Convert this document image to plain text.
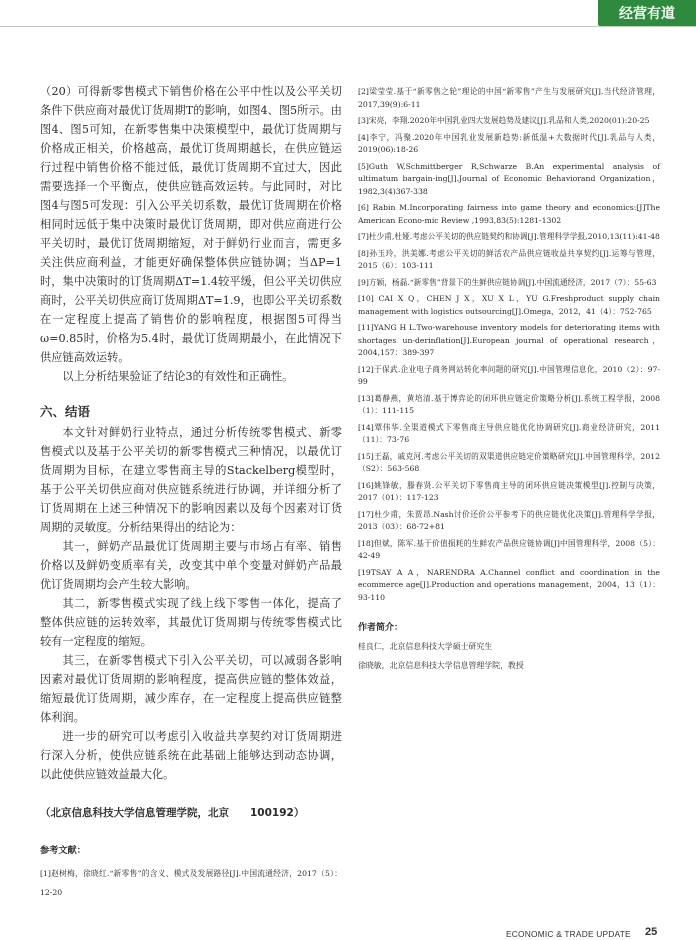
经营有道

（20）可得新零售模式下销售价格在公平中性以及公平关切条件下供应商对最优订货周期T的影响，如图4、图5所示。由图4、图5可知，在新零售集中决策模型中，最优订货周期与价格成正相关，价格越高，最优订货周期越长，在供应链运行过程中销售价格不能过低，最优订货周期不宜过大，因此需要选择一个平衡点，使供应链高效运转。与此同时，对比图4与图5可发现：引入公平关切系数，最优订货周期在价格相同时远低于集中决策时最优订货周期，即对供应商进行公平关切时，最优订货周期缩短，对于鲜奶行业而言，需更多关注供应商利益，才能更好确保整体供应链协调；当ΔP=1时，集中决策时的订货周期ΔT=1.4较平缓，但公平关切供应商时，公平关切供应商订货周期ΔT=1.9，也即公平关切系数在一定程度上提高了销售价的影响程度，根据图5可得当ω=0.85时，价格为5.4时，最优订货周期最小，在此情况下供应链高效运转。

以上分析结果验证了结论3的有效性和正确性。

六、结语

本文针对鲜奶行业特点，通过分析传统零售模式、新零售模式以及基于公平关切的新零售模式三种情况，以最优订货周期为目标，在建立零售商主导的Stackelberg模型时，基于公平关切供应商对供应链系统进行协调，并详细分析了订货周期在上述三种情况下的影响因素以及每个因素对订货周期的灵敏度。分析结果得出的结论为：

其一，鲜奶产品最优订货周期主要与市场占有率、销售价格以及鲜奶变质率有关，改变其中单个变量对鲜奶产品最优订货周期均会产生较大影响。

其二，新零售模式实现了线上线下零售一体化，提高了整体供应链的运转效率，其最优订货周期与传统零售模式比较有一定程度的缩短。

其三，在新零售模式下引入公平关切，可以减弱各影响因素对最优订货周期的影响程度，提高供应链的整体效益，缩短最优订货周期，减少库存，在一定程度上提高供应链整体利润。

进一步的研究可以考虑引入收益共享契约对订货周期进行深入分析，使供应链系统在此基础上能够达到动态协调，以此使供应链效益最大化。

（北京信息科技大学信息管理学院，北京　　100192）
参考文献：

[1]赵树梅，徐晓红.“新零售”的含义、模式及发展路径[J].中国流通经济，2017（5）：12-20

[2]梁莹莹.基于“新零售之轮”理论的中国“新零售”产生与发展研究[J].当代经济管理，2017,39(9):6-11

[3]宋亮，李翔.2020年中国乳业四大发展趋势及建议[J].乳品和人类,2020(01):20-25

[4]李宁，冯聚.2020年中国乳业发展新趋势:新低温+大数据时代[J].乳品与人类，2019(06):18-26

[5]Guth W,Schmittberger R,Schwarze B.An experimental analysis of ultimatum bargain-ing[J].Journal of Economic Behaviorand Organization，1982,3(4)367-338

[6] Rabin M.Incorporating fairness into game theory and economics:[J]The American Econo-mic Review ,1993,83(5):1281-1302

[7]杜少甫,杜娅.考虑公平关切的供应链契约和协调[J].管理科学学报,2010,13(11):41-48

[8]孙玉玲，洪美娜.考虑公平关切的鲜活农产品供应链收益共享契约[J].运筹与管理，2015（6）：103-111

[9]方颖，杨磊.“新零售”背景下的生鲜供应链协调[J].中国流通经济，2017（7）：55-63

[10] CAI X Q，CHEN J X，XU X L，YU G.Freshproduct supply chain management with logistics outsourcing[J].Omega，2012，41（4）：752-765

[11]YANG H L.Two-warehouse inventory models for deteriorating items with shortages un-derinflation[J].European journal of operational research，2004,157：389-397

[12]于保武.企业电子商务网站转化率问题的研究[J].中国管理信息化，2010（2）：97-99

[13]葛静燕，黄培清.基于博弈论的闭环供应链定价策略分析[J].系统工程学报，2008（1）：111-115

[14]覃伟华.全渠道模式下零售商主导供应链优化协调研究[J].商业经济研究，2011（11）：73-76

[15]王磊，戚克河.考虑公平关切的双渠道供应链定价策略研究[J].中国管理科学，2012（S2）：563-568

[16]姚锋敏，滕春贤.公平关切下零售商主导的闭环供应链决策模型[J].控制与决策，2017（01）：117-123

[17]杜少甫，朱贾昂.Nash讨价还价公平参考下的供应链优化决策[J].管理科学学报，2013（03）：68-72+81

[18]但斌，陈军.基于价值损耗的生鲜农产品供应链协调[J]中国管理科学，2008（5）：42-49

[19TSAY A A，NARENDRA A.Channel conflict and coordination in the ecommerce age[J].Production and operations management，2004，13（1）：93-110

作者简介：

桂良仁，北京信息科技大学硕士研究生

徐晓敏，北京信息科技大学信息管理学院，教授

ECONOMIC & TRADE UPDATE 25
